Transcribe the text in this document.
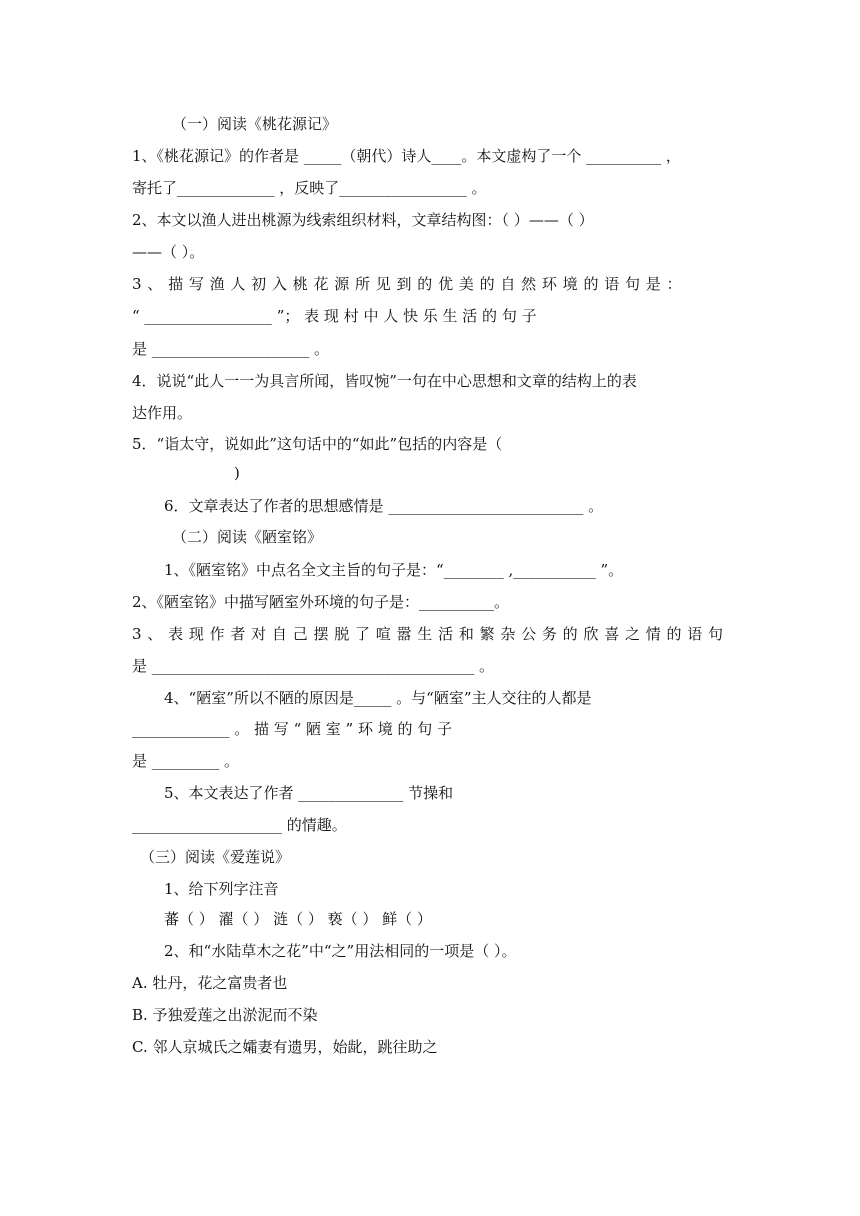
（一）阅读《桃花源记》
1、《桃花源记》的作者是 _____（朝代）诗人____。本文虚构了一个 __________ ，
寄托了_____________ ，反映了_________________ 。
2、本文以渔人进出桃源为线索组织材料，文章结构图：（ ）——（ ）
——（ ）。
3 、 描 写 渔 人 初 入 桃 花 源 所 见 到 的 优 美 的 自 然 环 境 的 语 句 是 ：
“ _________________ ”； 表 现 村 中 人 快 乐 生 活 的 句 子
是 _____________________ 。
4．说说“此人一一为具言所闻，皆叹惋”一句在中心思想和文章的结构上的表
达作用。
5．“诣太守，说如此”这句话中的“如此”包括的内容是（
)
6．文章表达了作者的思想感情是 __________________________ 。
（二）阅读《陋室铭》
1、《陋室铭》中点名全文主旨的句子是：“________ ,___________ ”。
2、《陋室铭》中描写陋室外环境的句子是：__________。
3 、 表 现 作 者 对 自 己 摆 脱 了 喧 嚣 生 活 和 繁 杂 公 务 的 欣 喜 之 情 的 语 句
是 ___________________________________________ 。
4、“陋室”所以不陋的原因是_____ 。与“陋室”主人交往的人都是
_____________ 。 描 写 “ 陋 室 ” 环 境 的 句 子
是 _________ 。
5、本文表达了作者 ______________ 节操和
____________________ 的情趣。
（三）阅读《爱莲说》
1、给下列字注音
蕃（ ） 濯（ ） 涟（ ） 亵（ ） 鲜（ ）
2、和“水陆草木之花”中“之”用法相同的一项是（ ）。
A. 牡丹，花之富贵者也
B. 予独爱莲之出淤泥而不染
C. 邻人京城氏之孀妻有遗男，始龀，跳往助之
